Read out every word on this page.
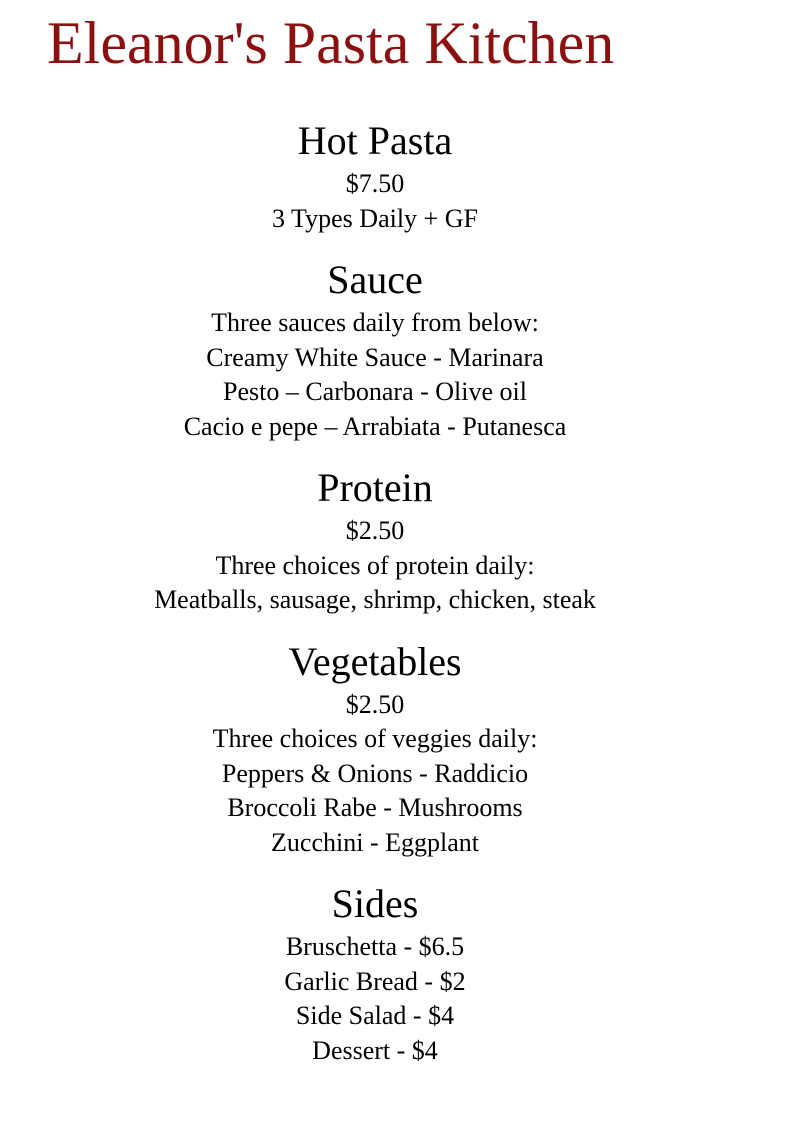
Eleanor's Pasta Kitchen
Hot Pasta
$7.50
3 Types Daily + GF
Sauce
Three sauces daily from below:
Creamy White Sauce - Marinara
Pesto – Carbonara - Olive oil
Cacio e pepe – Arrabiata - Putanesca
Protein
$2.50
Three choices of protein daily:
Meatballs, sausage, shrimp, chicken, steak
Vegetables
$2.50
Three choices of veggies daily:
Peppers & Onions - Raddicio
Broccoli Rabe - Mushrooms
Zucchini - Eggplant
Sides
Bruschetta - $6.5
Garlic Bread - $2
Side Salad - $4
Dessert - $4
